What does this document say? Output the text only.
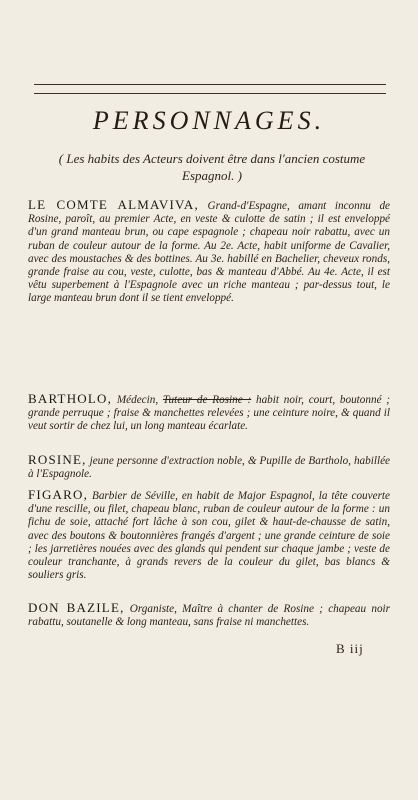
PERSONNAGES.
( Les habits des Acteurs doivent être dans l'ancien costume Espagnol. )
LE COMTE ALMAVIVA, Grand-d'Espagne, amant inconnu de Rosine, paroît, au premier Acte, en veste & culotte de satin ; il est enveloppé d'un grand manteau brun, ou cape espagnole ; chapeau noir rabattu, avec un ruban de couleur autour de la forme. Au 2e. Acte, habit uniforme de Cavalier, avec des moustaches & des bottines. Au 3e. habillé en Bachelier, cheveux ronds, grande fraise au cou, veste, culotte, bas & manteau d'Abbé. Au 4e. Acte, il est vêtu superbement à l'Espagnole avec un riche manteau ; par-dessus tout, le large manteau brun dont il se tient enveloppé.
BARTHOLO, Médecin, Tuteur de Rosine : habit noir, court, boutonné ; grande perruque ; fraise & manchettes relevées ; une ceinture noire, & quand il veut sortir de chez lui, un long manteau écarlate.
ROSINE, jeune personne d'extraction noble, & Pupille de Bartholo, habillée à l'Espagnole.
FIGARO, Barbier de Séville, en habit de Major Espagnol, la tête couverte d'une rescille, ou filet, chapeau blanc, ruban de couleur autour de la forme : un fichu de soie, attaché fort lâche à son cou, gilet & haut-de-chausse de satin, avec des boutons & boutonnières frangés d'argent ; une grande ceinture de soie ; les jarretières nouées avec des glands qui pendent sur chaque jambe ; veste de couleur tranchante, à grands revers de la couleur du gilet, bas blancs & souliers gris.
DON BAZILE, Organiste, Maître à chanter de Rosine ; chapeau noir rabattu, soutanelle & long manteau, sans fraise ni manchettes.
B iij
